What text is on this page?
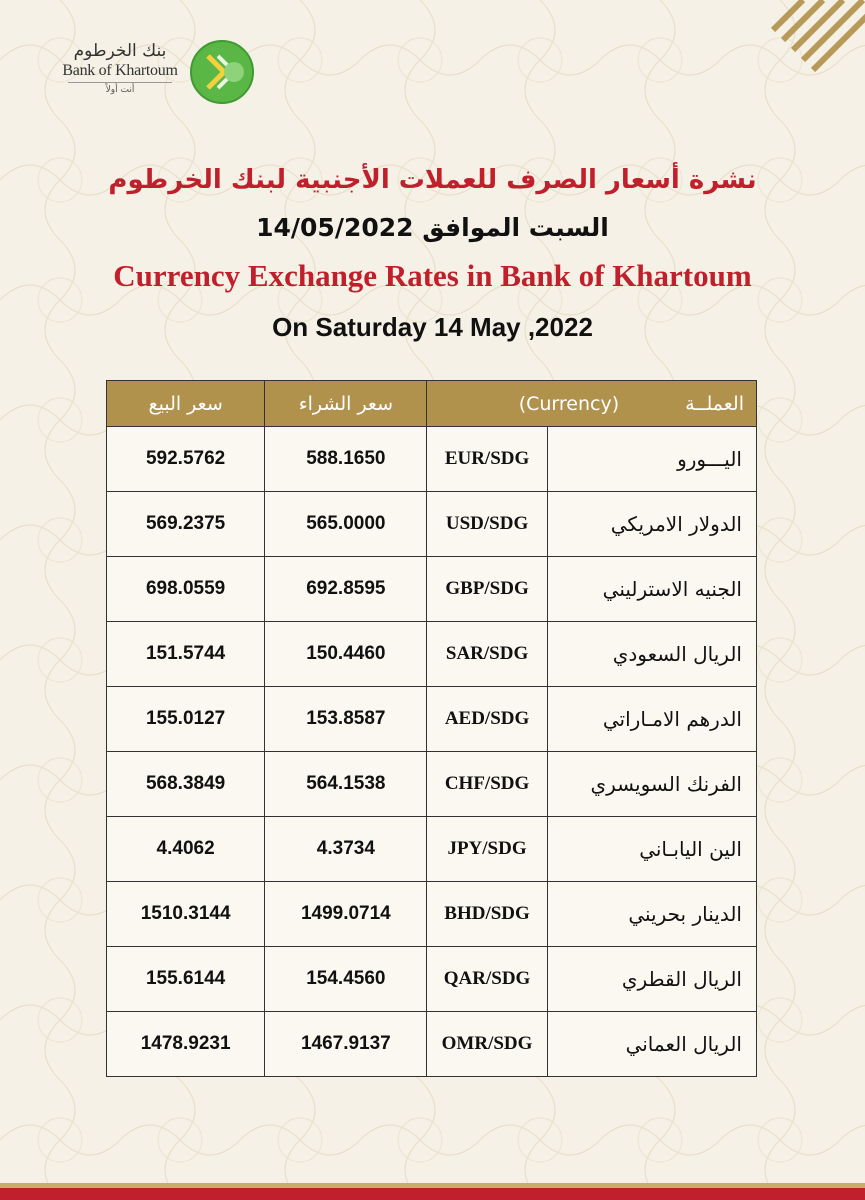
بنك الخرطوم
Bank of Khartoum
أنت أولاً
نشرة أسعار الصرف للعملات الأجنبية لبنك الخرطوم
السبت الموافق 14/05/2022
Currency Exchange Rates in Bank of Khartoum
On Saturday 14 May ,2022
سعر البيع	سعر الشراء	العملــة (Currency)	
592.5762	588.1650	EUR/SDG	اليـــورو
569.2375	565.0000	USD/SDG	الدولار الامريكي
698.0559	692.8595	GBP/SDG	الجنيه الاسترليني
151.5744	150.4460	SAR/SDG	الريال السعودي
155.0127	153.8587	AED/SDG	الدرهم الامـاراتي
568.3849	564.1538	CHF/SDG	الفرنك السويسري
4.4062	4.3734	JPY/SDG	الين اليابـاني
1510.3144	1499.0714	BHD/SDG	الدينار بحريني
155.6144	154.4560	QAR/SDG	الريال القطري
1478.9231	1467.9137	OMR/SDG	الريال العماني
